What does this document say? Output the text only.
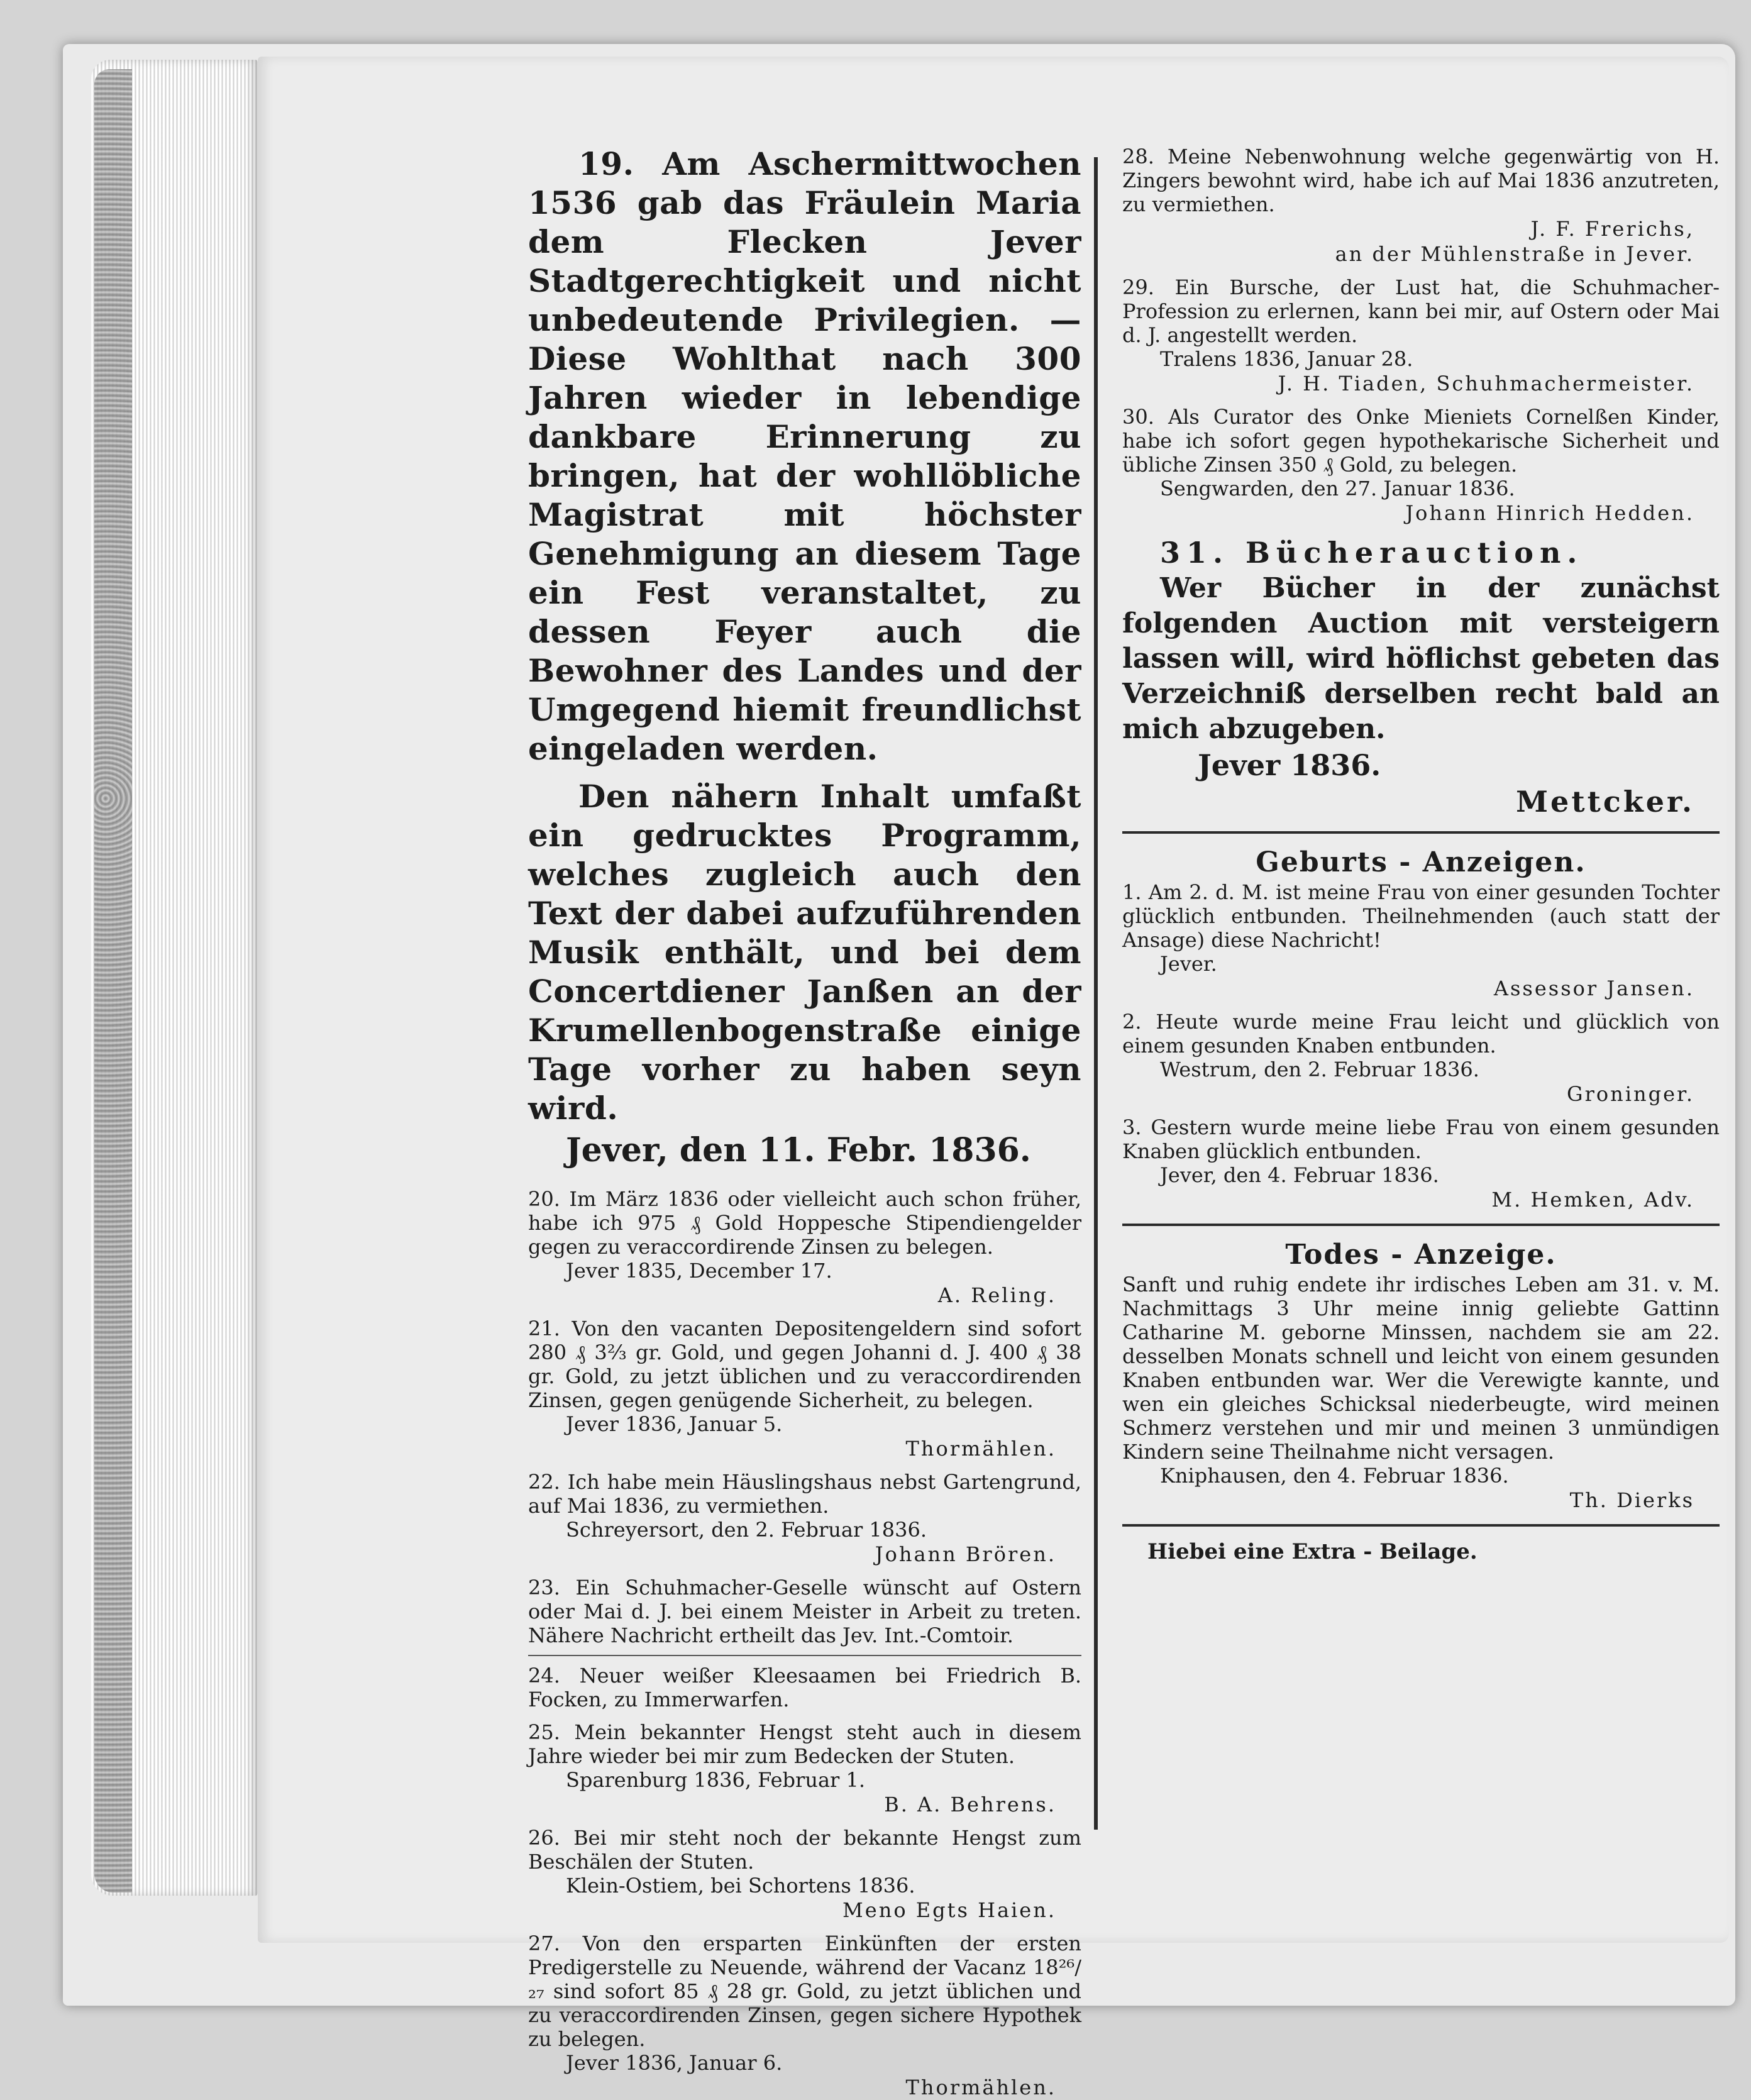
19. Am Aschermittwochen 1536 gab das Fräulein Maria dem Flecken Jever Stadtgerechtigkeit und nicht unbedeutende Privilegien. — Diese Wohlthat nach 300 Jahren wieder in lebendige dankbare Erinnerung zu bringen, hat der wohllöbliche Magistrat mit höchster Genehmigung an diesem Tage ein Fest veranstaltet, zu dessen Feyer auch die Bewohner des Landes und der Umgegend hiemit freundlichst eingeladen werden.

Den nähern Inhalt umfaßt ein gedrucktes Programm, welches zugleich auch den Text der dabei aufzuführenden Musik enthält, und bei dem Concertdiener Janßen an der Krumellenbogenstraße einige Tage vorher zu haben seyn wird.

Jever, den 11. Febr. 1836.

20. Im März 1836 oder vielleicht auch schon früher, habe ich 975 ₰ Gold Hoppesche Stipendiengelder gegen zu veraccordirende Zinsen zu belegen.

Jever 1835, December 17.

A. Reling.

21. Von den vacanten Depositengeldern sind sofort 280 ₰ 3⅔ gr. Gold, und gegen Johanni d. J. 400 ₰ 38 gr. Gold, zu jetzt üblichen und zu veraccordirenden Zinsen, gegen genügende Sicherheit, zu belegen.

Jever 1836, Januar 5.

Thormählen.

22. Ich habe mein Häuslingshaus nebst Gartengrund, auf Mai 1836, zu vermiethen.

Schreyersort, den 2. Februar 1836.

Johann Brören.

23. Ein Schuhmacher-Geselle wünscht auf Ostern oder Mai d. J. bei einem Meister in Arbeit zu treten. Nähere Nachricht ertheilt das Jev. Int.-Comtoir.

24. Neuer weißer Kleesaamen bei Friedrich B. Focken, zu Immerwarfen.

25. Mein bekannter Hengst steht auch in diesem Jahre wieder bei mir zum Bedecken der Stuten.

Sparenburg 1836, Februar 1.

B. A. Behrens.

26. Bei mir steht noch der bekannte Hengst zum Beschälen der Stuten.

Klein-Ostiem, bei Schortens 1836.

Meno Egts Haien.

27. Von den ersparten Einkünften der ersten Predigerstelle zu Neuende, während der Vacanz 18²⁶/₂₇ sind sofort 85 ₰ 28 gr. Gold, zu jetzt üblichen und zu veraccordirenden Zinsen, gegen sichere Hypothek zu belegen.

Jever 1836, Januar 6.

Thormählen.

28. Meine Nebenwohnung welche gegenwärtig von H. Zingers bewohnt wird, habe ich auf Mai 1836 anzutreten, zu vermiethen.

J. F. Frerichs,

an der Mühlenstraße in Jever.

29. Ein Bursche, der Lust hat, die Schuhmacher-Profession zu erlernen, kann bei mir, auf Ostern oder Mai d. J. angestellt werden.

Tralens 1836, Januar 28.

J. H. Tiaden, Schuhmachermeister.

30. Als Curator des Onke Mieniets Cornelßen Kinder, habe ich sofort gegen hypothekarische Sicherheit und übliche Zinsen 350 ₰ Gold, zu belegen.

Sengwarden, den 27. Januar 1836.

Johann Hinrich Hedden.

31. Bücherauction.

Wer Bücher in der zunächst folgenden Auction mit versteigern lassen will, wird höflichst gebeten das Verzeichniß derselben recht bald an mich abzugeben.

Jever 1836.

Mettcker.

Geburts - Anzeigen.

1. Am 2. d. M. ist meine Frau von einer gesunden Tochter glücklich entbunden. Theilnehmenden (auch statt der Ansage) diese Nachricht!

Jever.

Assessor Jansen.

2. Heute wurde meine Frau leicht und glücklich von einem gesunden Knaben entbunden.

Westrum, den 2. Februar 1836.

Groninger.

3. Gestern wurde meine liebe Frau von einem gesunden Knaben glücklich entbunden.

Jever, den 4. Februar 1836.

M. Hemken, Adv.

Todes - Anzeige.

Sanft und ruhig endete ihr irdisches Leben am 31. v. M. Nachmittags 3 Uhr meine innig geliebte Gattinn Catharine M. geborne Minssen, nachdem sie am 22. desselben Monats schnell und leicht von einem gesunden Knaben entbunden war. Wer die Verewigte kannte, und wen ein gleiches Schicksal niederbeugte, wird meinen Schmerz verstehen und mir und meinen 3 unmündigen Kindern seine Theilnahme nicht versagen.

Kniphausen, den 4. Februar 1836.

Th. Dierks

Hiebei eine Extra - Beilage.
